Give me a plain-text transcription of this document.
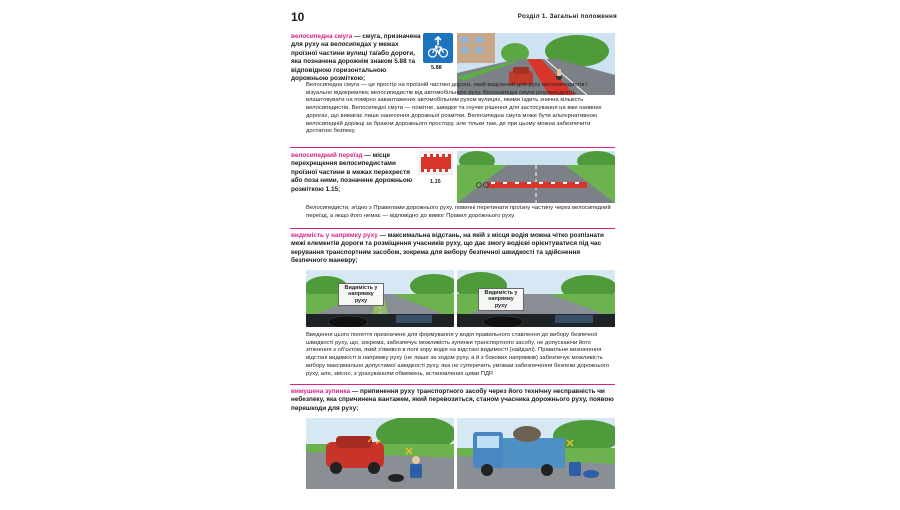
10	Розділ 1. Загальні положення
велосипедна смуга — смуга, призначена для руху на велосипедах у межах проїзної частини вулиці та/або дороги, яка позначена дорожнім знаком 5.88 та відповідною горизонтальною дорожньою розміткою;
5.88
Велосипедна смуга — це простір на проїзній частині дороги, який виділений для руху велосипедистів і візуально відокремлює велосипедистів від автомобільного руху. Велосипедні смуги рекомендують влаштовувати на помірно завантажених автомобільним рухом вулицях, якими їздить значна кількість велосипедистів. Велосипедні смуги — помітне, швидке та гнучке рішення для застосування на вже наявних дорогах, що вимагає лише нанесення дорожньої розмітки. Велосипедна смуга може бути альтернативною велосипедній доріжці за браком дорожнього простору, але тільки там, де при цьому можна забезпечити достатню безпеку.
велосипедний переїзд — місце перехрещення велосипедистами проїзної частини в межах перехрестя або поза ними, позначене дорожньою розміткою 1.15;
1.15
Велосипедисти, згідно з Правилами дорожнього руху, повинні перетинати проїзну частину через велосипедний переїзд, а якщо його немає — відповідно до вимог Правил дорожнього руху.
видимість у напрямку руху — максимальна відстань, на якій з місця водія можна чітко розпізнати межі елементів дороги та розміщення учасників руху, що дає змогу водієві орієнтуватися під час керування транспортним засобом, зокрема для вибору безпечної швидкості та здійснення безпечного маневру;
Видимість у напрямку руху
Видимість у напрямку руху
Введення цього поняття призначене для формування у водія правильного ставлення до вибору безпечної швидкості руху, що, зокрема, забезпечує можливість зупинки транспортного засобу, не допускаючи його зіткнення з об'єктом, який з'явився в полі зору водія на відстані видимості (найдалі). Правильне визначення відстані видимості в напрямку руху (не лише за ходом руху, а й з бокових напрямків) забезпечує можливість вибору максимально допустимої швидкості руху, яка не суперечить умовам забезпечення безпеки дорожнього руху, але, звісно, з урахуванням обмежень, встановлених цими ПДР.
вимушена зупинка — припинення руху транспортного засобу через його технічну несправність чи небезпеку, яка спричинена вантажем, який перевозиться, станом учасника дорожнього руху, появою перешкоди для руху;
